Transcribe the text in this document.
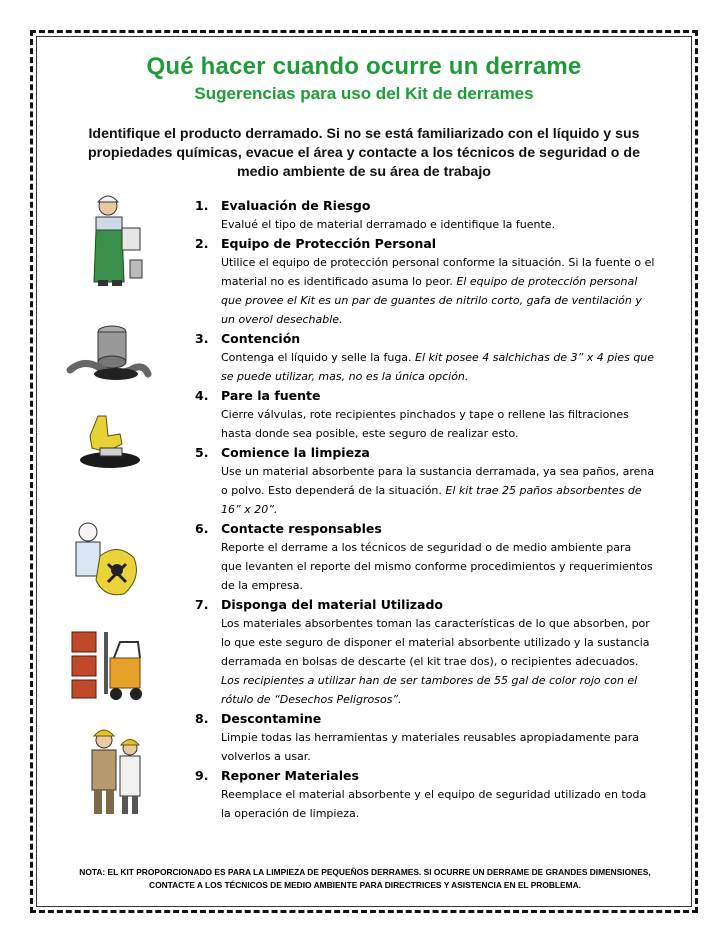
Qué hacer cuando ocurre un derrame
Sugerencias para uso del Kit de derrames
Identifique el producto derramado. Si no se está familiarizado con el líquido y sus propiedades químicas, evacue el área y contacte a los técnicos de seguridad o de medio ambiente de su área de trabajo
1. Evaluación de Riesgo
Evalué el tipo de material derramado e identifique la fuente.
2. Equipo de Protección Personal
Utilice el equipo de protección personal conforme la situación. Si la fuente o el material no es identificado asuma lo peor. El equipo de protección personal que provee el Kit es un par de guantes de nitrilo corto, gafa de ventilación y un overol desechable.
3. Contención
Contenga el líquido y selle la fuga. El kit posee 4 salchichas de 3” x 4 pies que se puede utilizar, mas, no es la única opción.
4. Pare la fuente
Cierre válvulas, rote recipientes pinchados y tape o rellene las filtraciones hasta donde sea posible, este seguro de realizar esto.
5. Comience la limpieza
Use un material absorbente para la sustancia derramada, ya sea paños, arena o polvo. Esto dependerá de la situación. El kit trae 25 paños absorbentes de 16” x 20”.
6. Contacte responsables
Reporte el derrame a los técnicos de seguridad o de medio ambiente para que levanten el reporte del mismo conforme procedimientos y requerimientos de la empresa.
7. Disponga del material Utilizado
Los materiales absorbentes toman las características de lo que absorben, por lo que este seguro de disponer el material absorbente utilizado y la sustancia derramada en bolsas de descarte (el kit trae dos), o recipientes adecuados. Los recipientes a utilizar han de ser tambores de 55 gal de color rojo con el rótulo de “Desechos Peligrosos”.
8. Descontamine
Limpie todas las herramientas y materiales reusables apropiadamente para volverlos a usar.
9. Reponer Materiales
Reemplace el material absorbente y el equipo de seguridad utilizado en toda la operación de limpieza.
NOTA: EL KIT PROPORCIONADO ES PARA LA LIMPIEZA DE PEQUEÑOS DERRAMES. SI OCURRE UN DERRAME DE GRANDES DIMENSIONES, CONTACTE A LOS TÉCNICOS DE MEDIO AMBIENTE PARA DIRECTRICES Y ASISTENCIA EN EL PROBLEMA.
